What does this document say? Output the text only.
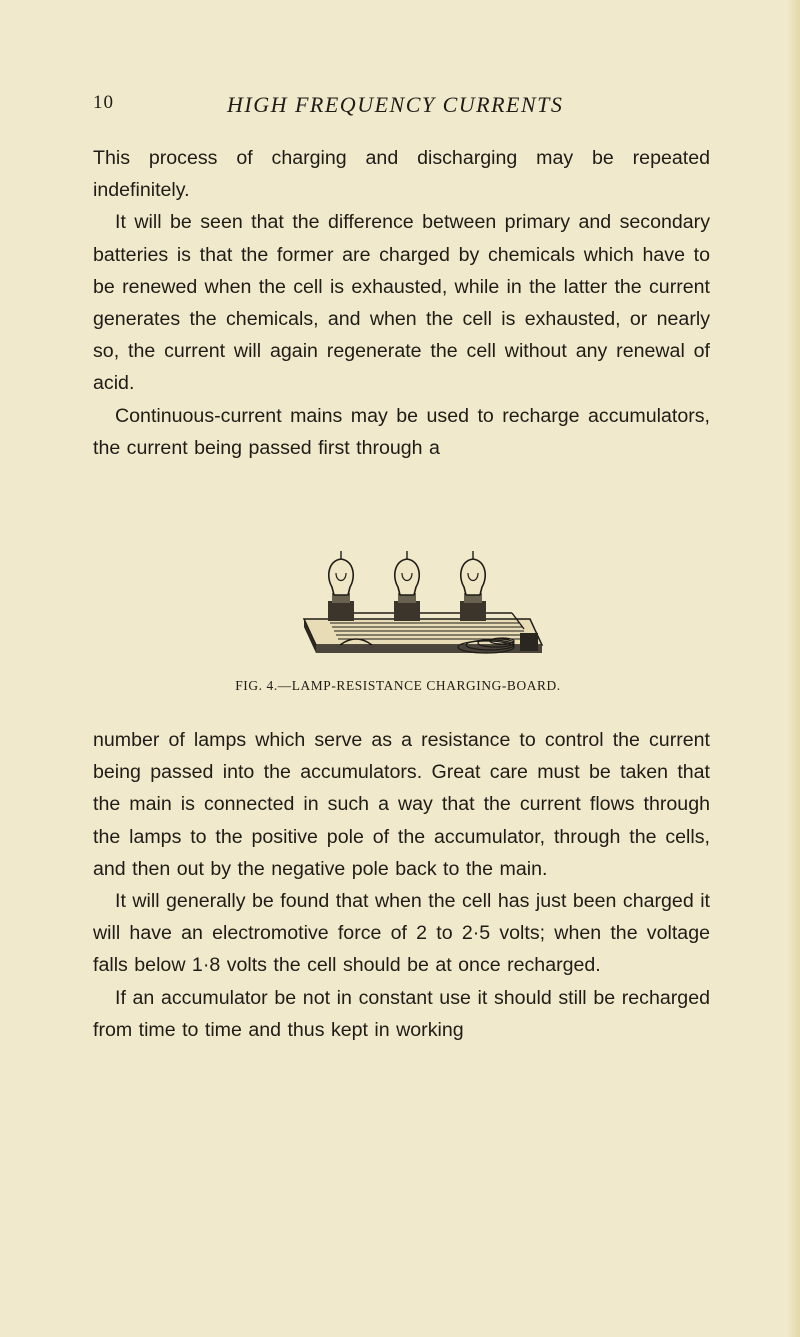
10	HIGH FREQUENCY CURRENTS

This process of charging and discharging may be repeated indefinitely.

It will be seen that the difference between primary and secondary batteries is that the former are charged by chemicals which have to be renewed when the cell is exhausted, while in the latter the current generates the chemicals, and when the cell is exhausted, or nearly so, the current will again regenerate the cell without any renewal of acid.

Continuous-current mains may be used to recharge accumulators, the current being passed first through a

FIG. 4.—LAMP-RESISTANCE CHARGING-BOARD.

number of lamps which serve as a resistance to control the current being passed into the accumulators. Great care must be taken that the main is connected in such a way that the current flows through the lamps to the positive pole of the accumulator, through the cells, and then out by the negative pole back to the main.

It will generally be found that when the cell has just been charged it will have an electromotive force of 2 to 2·5 volts; when the voltage falls below 1·8 volts the cell should be at once recharged.

If an accumulator be not in constant use it should still be recharged from time to time and thus kept in working
